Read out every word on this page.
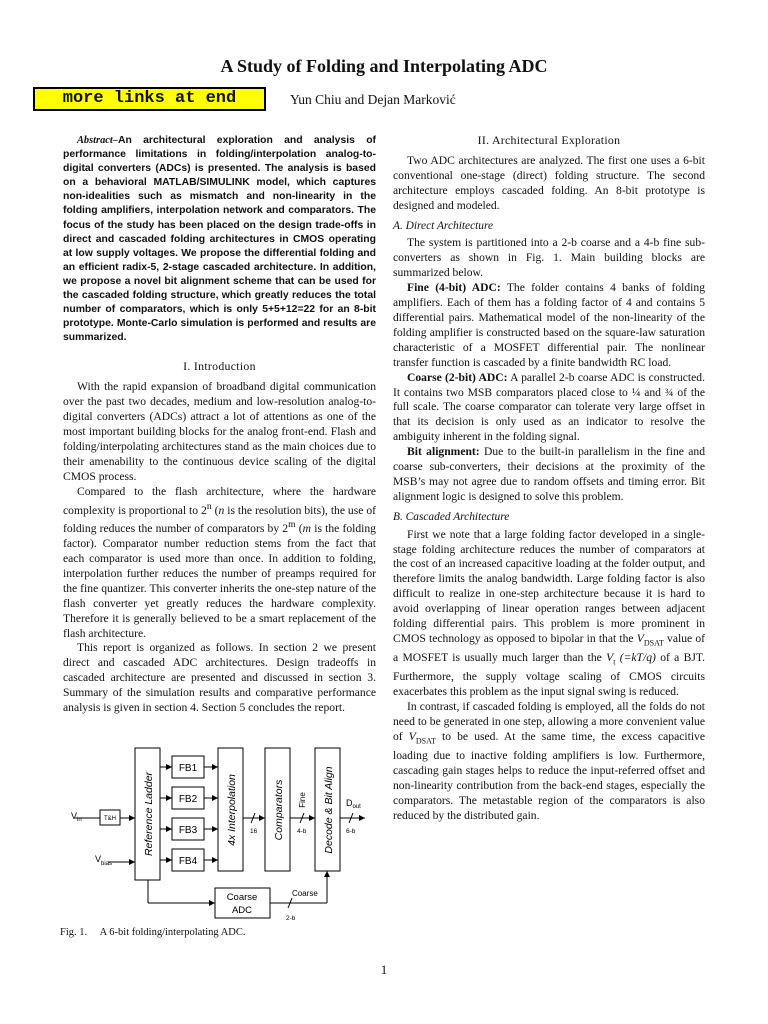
A Study of Folding and Interpolating ADC
more links at end	Yun Chiu and Dejan Marković

Abstract–An architectural exploration and analysis of performance limitations in folding/interpolation analog-to-digital converters (ADCs) is presented. The analysis is based on a behavioral MATLAB/SIMULINK model, which captures non-idealities such as mismatch and non-linearity in the folding amplifiers, interpolation network and comparators. The focus of the study has been placed on the design trade-offs in direct and cascaded folding architectures in CMOS operating at low supply voltages. We propose the differential folding and an efficient radix-5, 2-stage cascaded architecture. In addition, we propose a novel bit alignment scheme that can be used for the cascaded folding structure, which greatly reduces the total number of comparators, which is only 5+5+12=22 for an 8-bit prototype. Monte-Carlo simulation is performed and results are summarized.

I. Introduction

With the rapid expansion of broadband digital communication over the past two decades, medium and low-resolution analog-to-digital converters (ADCs) attract a lot of attentions as one of the most important building blocks for the analog front-end. Flash and folding/interpolating architectures stand as the main choices due to their amenability to the continuous device scaling of the digital CMOS process.

Compared to the flash architecture, where the hardware complexity is proportional to 2$^n$ (n is the resolution bits), the use of folding reduces the number of comparators by 2$^m$ (m is the folding factor). Comparator number reduction stems from the fact that each comparator is used more than once. In addition to folding, interpolation further reduces the number of preamps required for the fine quantizer. This converter inherits the one-step nature of the flash converter yet greatly reduces the hardware complexity. Therefore it is generally believed to be a smart replacement of the flash architecture.

This report is organized as follows. In section 2 we present direct and cascaded ADC architectures. Design tradeoffs in cascaded architecture are presented and discussed in section 3. Summary of the simulation results and comparative performance analysis is given in section 4. Section 5 concludes the report.

II. Architectural Exploration

Two ADC architectures are analyzed. The first one uses a 6-bit conventional one-stage (direct) folding structure. The second architecture employs cascaded folding. An 8-bit prototype is designed and modeled.

A. Direct Architecture

The system is partitioned into a 2-b coarse and a 4-b fine sub-converters as shown in Fig. 1. Main building blocks are summarized below.

Fine (4-bit) ADC: The folder contains 4 banks of folding amplifiers. Each of them has a folding factor of 4 and contains 5 differential pairs. Mathematical model of the non-linearity of the folding amplifier is constructed based on the square-law saturation characteristic of a MOSFET differential pair. The nonlinear transfer function is cascaded by a finite bandwidth RC load.

Coarse (2-bit) ADC: A parallel 2-b coarse ADC is constructed. It contains two MSB comparators placed close to ¼ and ¾ of the full scale. The coarse comparator can tolerate very large offset in that its decision is only used as an indicator to resolve the ambiguity inherent in the folding signal.

Bit alignment: Due to the built-in parallelism in the fine and coarse sub-converters, their decisions at the proximity of the MSB’s may not agree due to random offsets and timing error. Bit alignment logic is designed to solve this problem.

B. Cascaded Architecture

First we note that a large folding factor developed in a single-stage folding architecture reduces the number of comparators at the cost of an increased capacitive loading at the folder output, and therefore limits the analog bandwidth. Large folding factor is also difficult to realize in one-step architecture because it is hard to avoid overlapping of linear operation ranges between adjacent folding differential pairs. This problem is more prominent in CMOS technology as opposed to bipolar in that the $V_{DSAT}$ value of a MOSFET is usually much larger than the $V_t$ (=kT/q) of a BJT. Furthermore, the supply voltage scaling of CMOS circuits exacerbates this problem as the input signal swing is reduced.

In contrast, if cascaded folding is employed, all the folds do not need to be generated in one step, allowing a more convenient value of $V_{DSAT}$ to be used. At the same time, the excess capacitive loading due to inactive folding amplifiers is low. Furthermore, cascading gain stages helps to reduce the input-referred offset and non-linearity contribution from the back-end stages, especially the comparators. The metastable region of the comparators is also reduced by the distributed gain.

$V_{in}$
$V_{bias}$
T&H	Reference Ladder
FB1
FB2
FB3
FB4
4x Interpolation	Comparators	Decode & Bit Align
Fine
16	4-b	6-b
2-b
$D_{out}$
Coarse
ADC
Coarse
Fig. 1.     A 6-bit folding/interpolating ADC.
1
